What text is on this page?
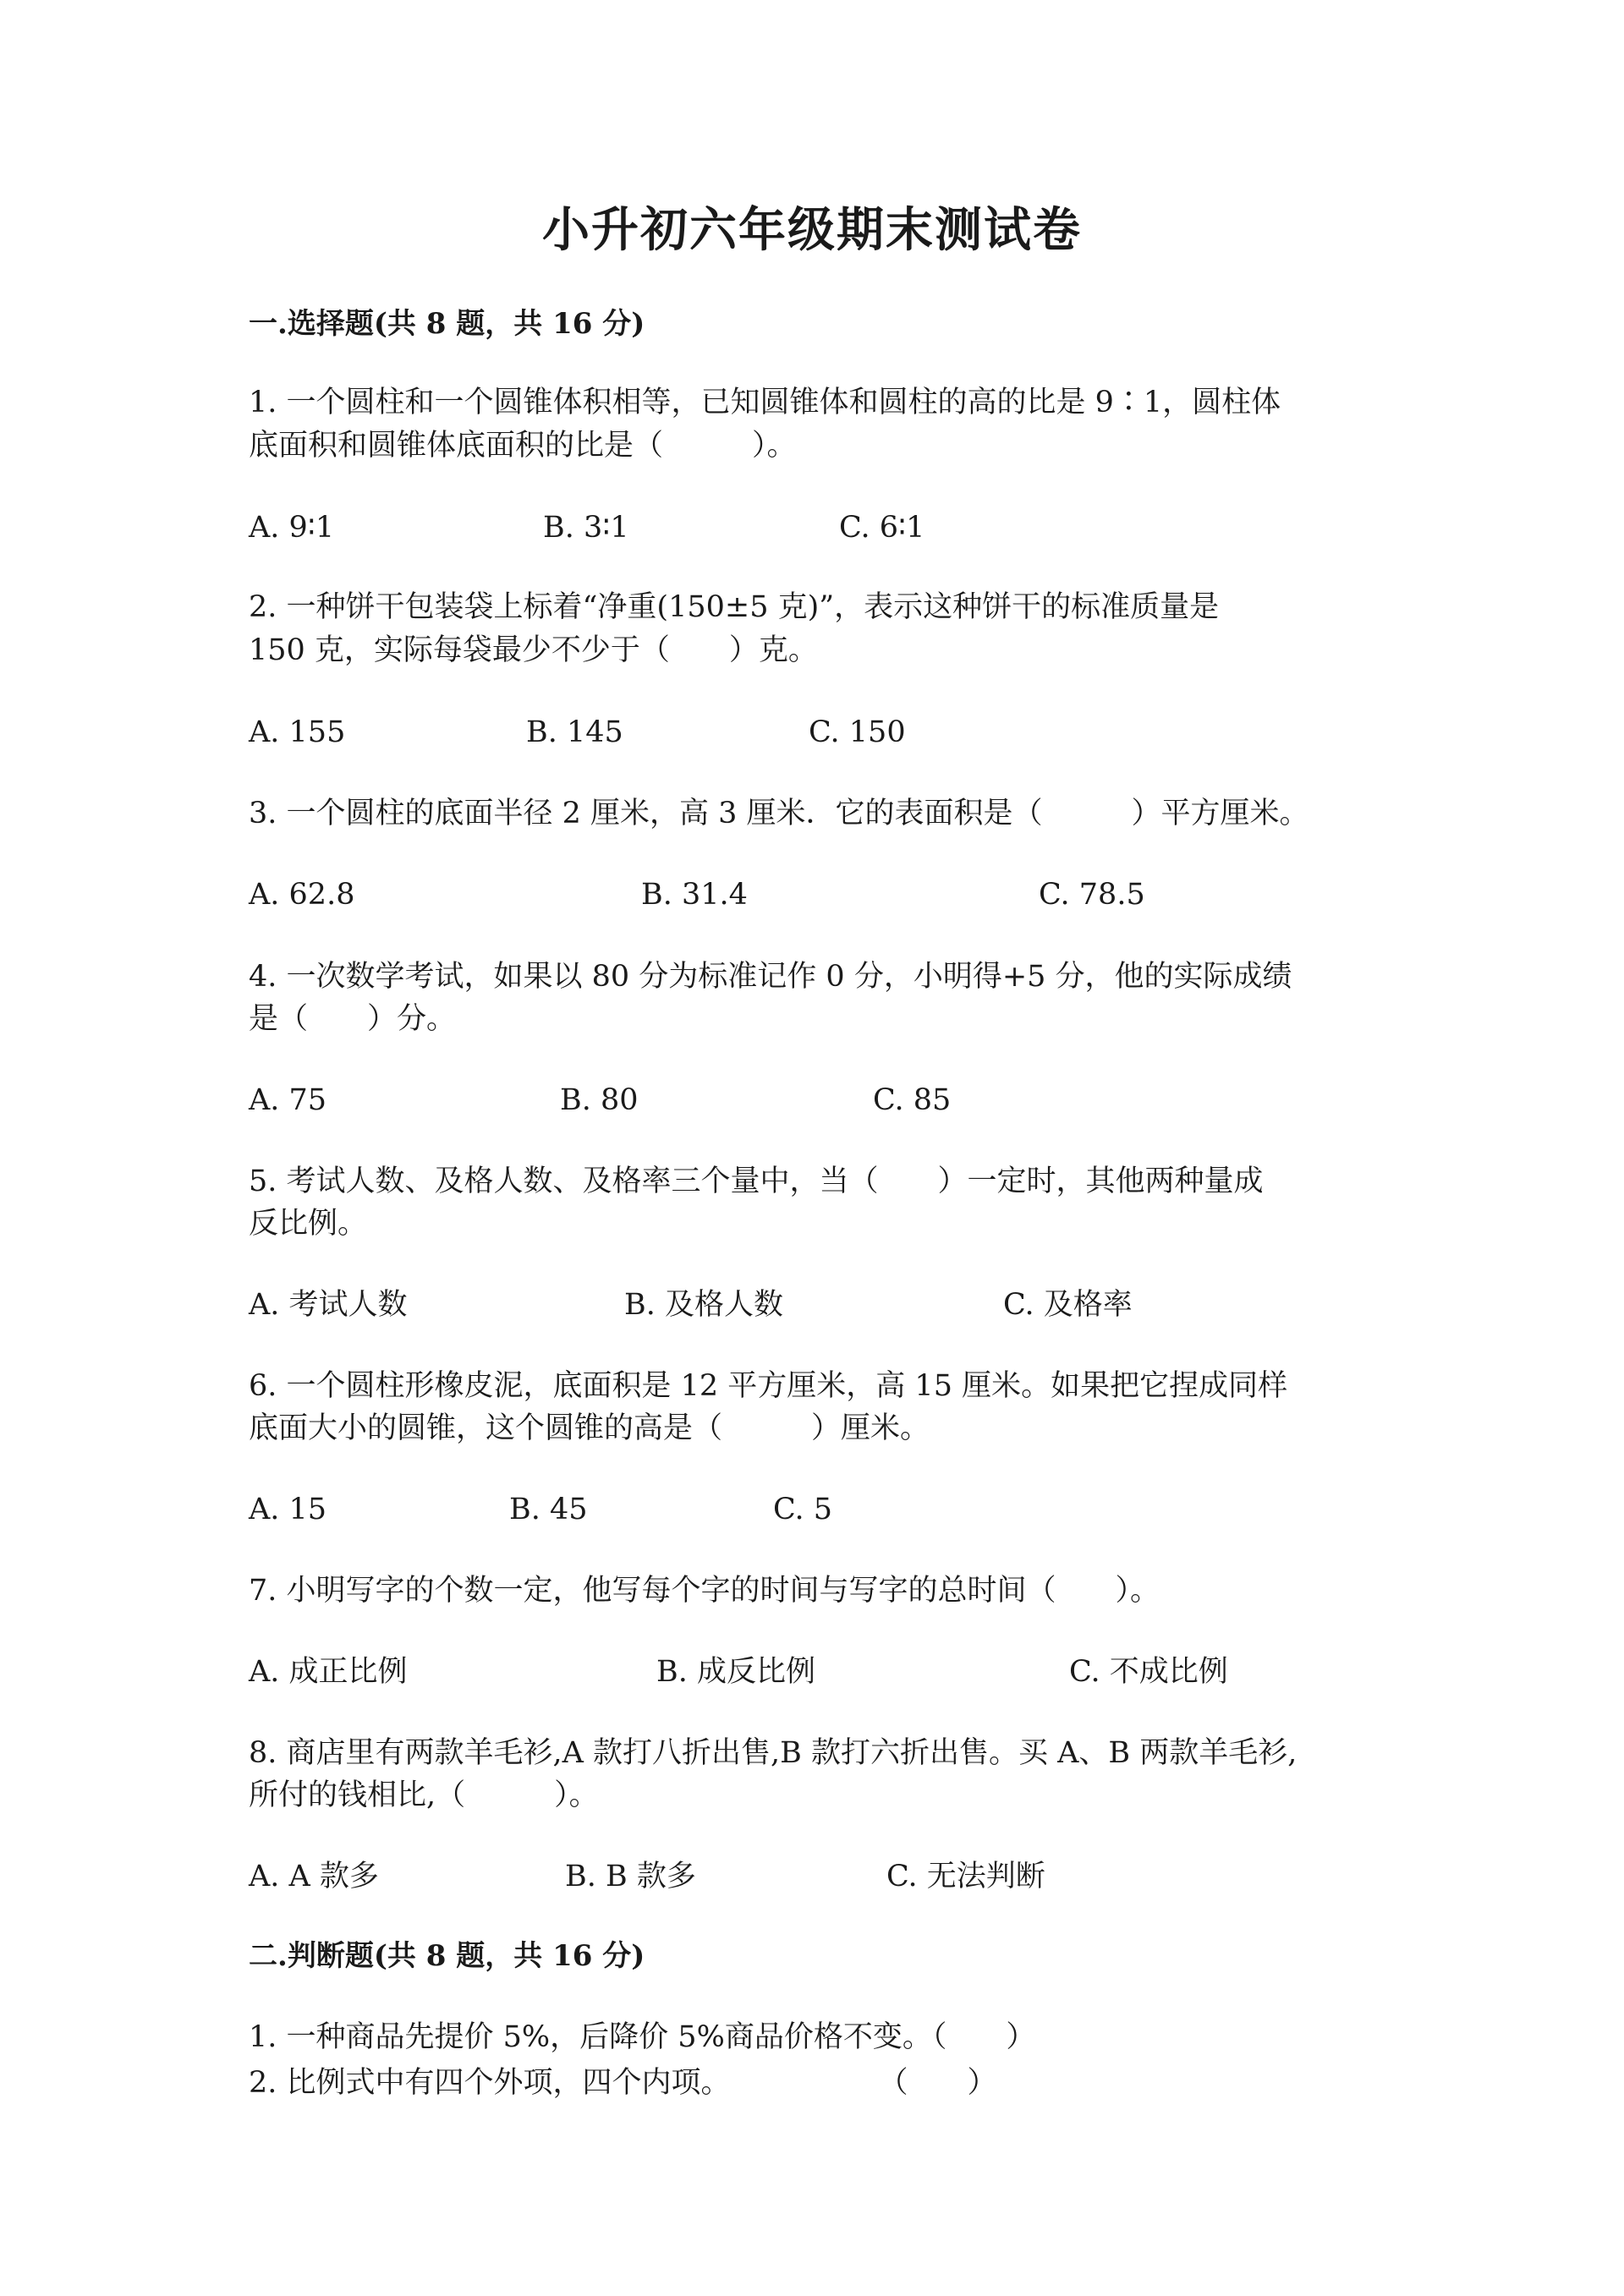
小升初六年级期末测试卷
一.选择题(共 8 题，共 16 分)
1. 一个圆柱和一个圆锥体积相等，已知圆锥体和圆柱的高的比是 9∶1，圆柱体
底面积和圆锥体底面积的比是（　　　）。
A. 9∶1	B. 3∶1	C. 6∶1
2. 一种饼干包装袋上标着“净重(150±5 克)”，表示这种饼干的标准质量是
150 克，实际每袋最少不少于（　　）克。
A. 155	B. 145	C. 150
3. 一个圆柱的底面半径 2 厘米，高 3 厘米．它的表面积是（　　　）平方厘米。
A. 62.8	B. 31.4	C. 78.5
4. 一次数学考试，如果以 80 分为标准记作 0 分，小明得+5 分，他的实际成绩
是（　　）分。
A. 75	B. 80	C. 85
5. 考试人数、及格人数、及格率三个量中，当（　　）一定时，其他两种量成
反比例。
A. 考试人数	B. 及格人数	C. 及格率
6. 一个圆柱形橡皮泥，底面积是 12 平方厘米，高 15 厘米。如果把它捏成同样
底面大小的圆锥，这个圆锥的高是（　　　）厘米。
A. 15	B. 45	C. 5
7. 小明写字的个数一定，他写每个字的时间与写字的总时间（　　）。
A. 成正比例	B. 成反比例	C. 不成比例
8. 商店里有两款羊毛衫,A 款打八折出售,B 款打六折出售。买 A、B 两款羊毛衫,
所付的钱相比,（　　　）。
A. A 款多	B. B 款多	C. 无法判断
二.判断题(共 8 题，共 16 分)
1. 一种商品先提价 5%，后降价 5%商品价格不变。（　　）
2. 比例式中有四个外项，四个内项。　　　　　　（　　）
